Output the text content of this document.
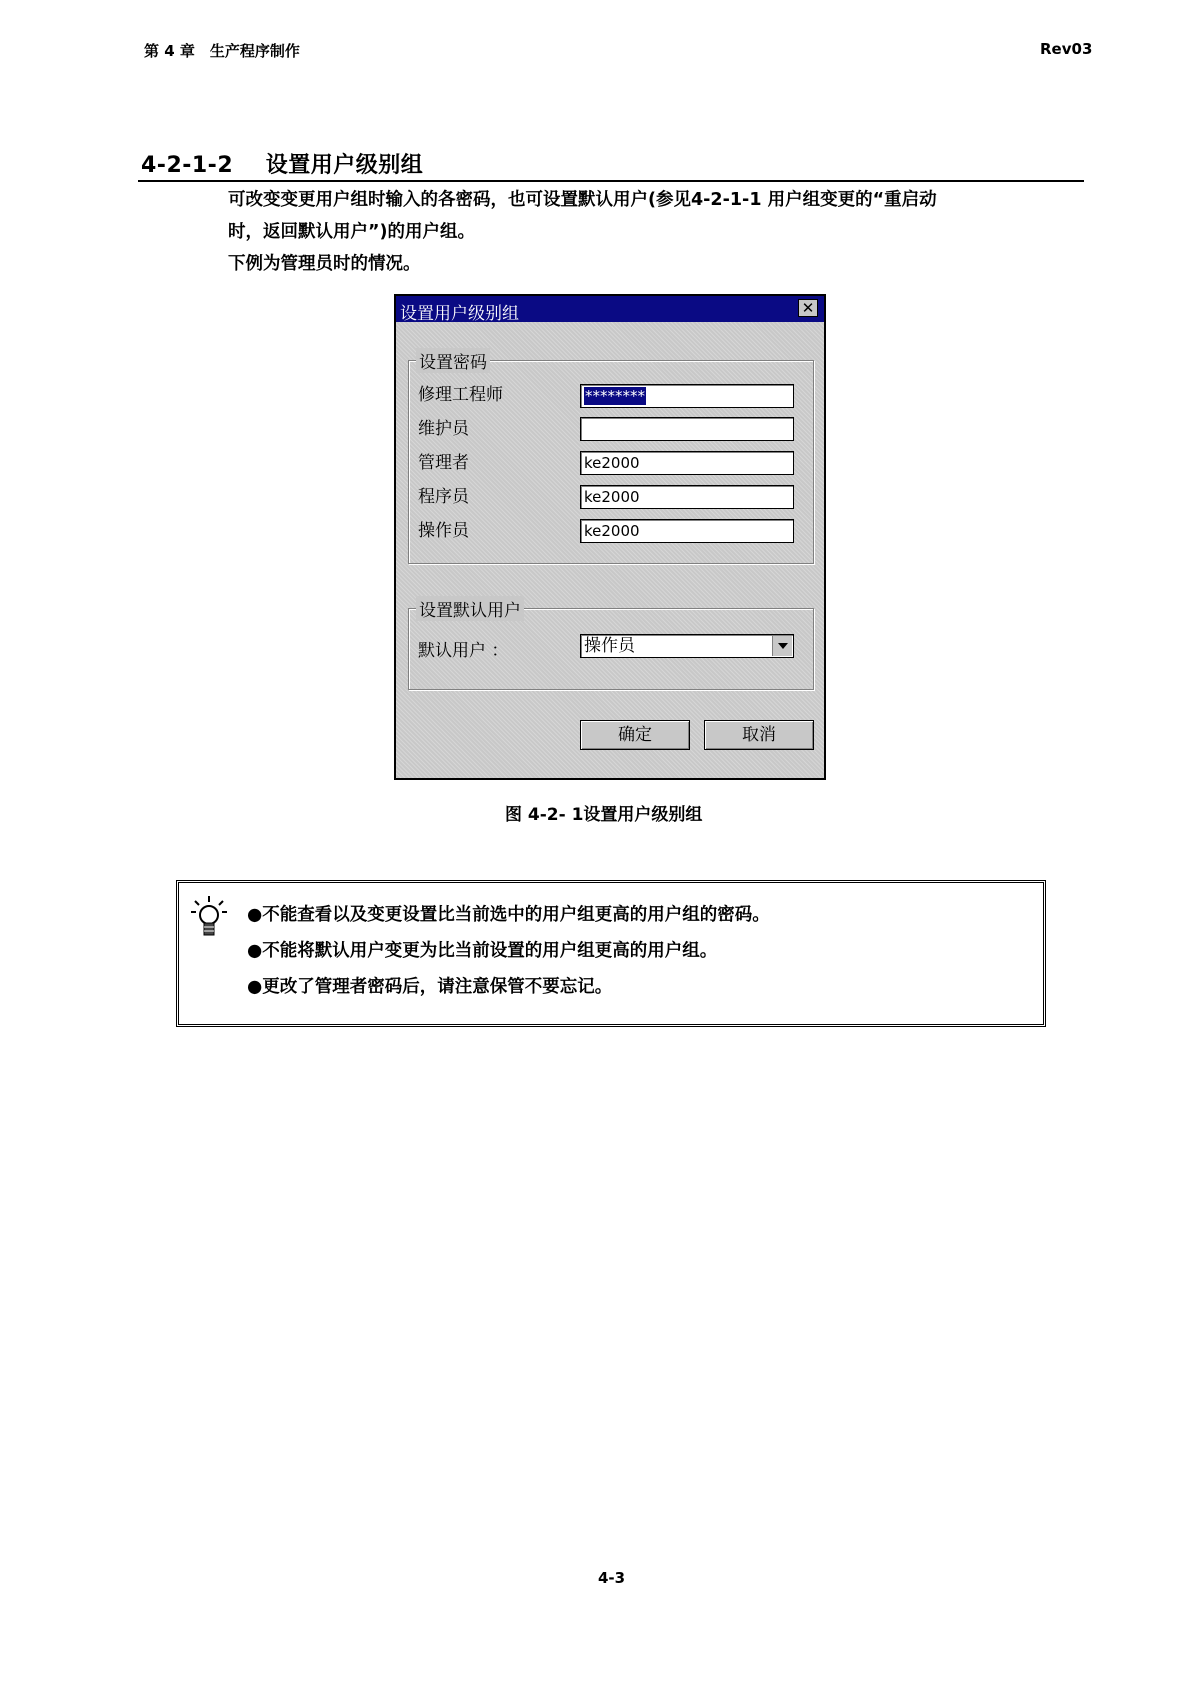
第 4 章　生产程序制作	Rev03
4-2-1-2 设置用户级别组
可改变变更用户组时输入的各密码，也可设置默认用户(参见4-2-1-1 用户组变更的“重启动
时，返回默认用户”)的用户组。
下例为管理员时的情况。
设置用户级别组	✕
设置密码
修理工程师	********
维护员
管理者	ke2000
程序员	ke2000
操作员	ke2000
设置默认用户
默认用户 ：	操作员
确定	取消
图 4-2- 1设置用户级别组
●不能查看以及变更设置比当前选中的用户组更高的用户组的密码。
●不能将默认用户变更为比当前设置的用户组更高的用户组。
●更改了管理者密码后，请注意保管不要忘记。
4-3
